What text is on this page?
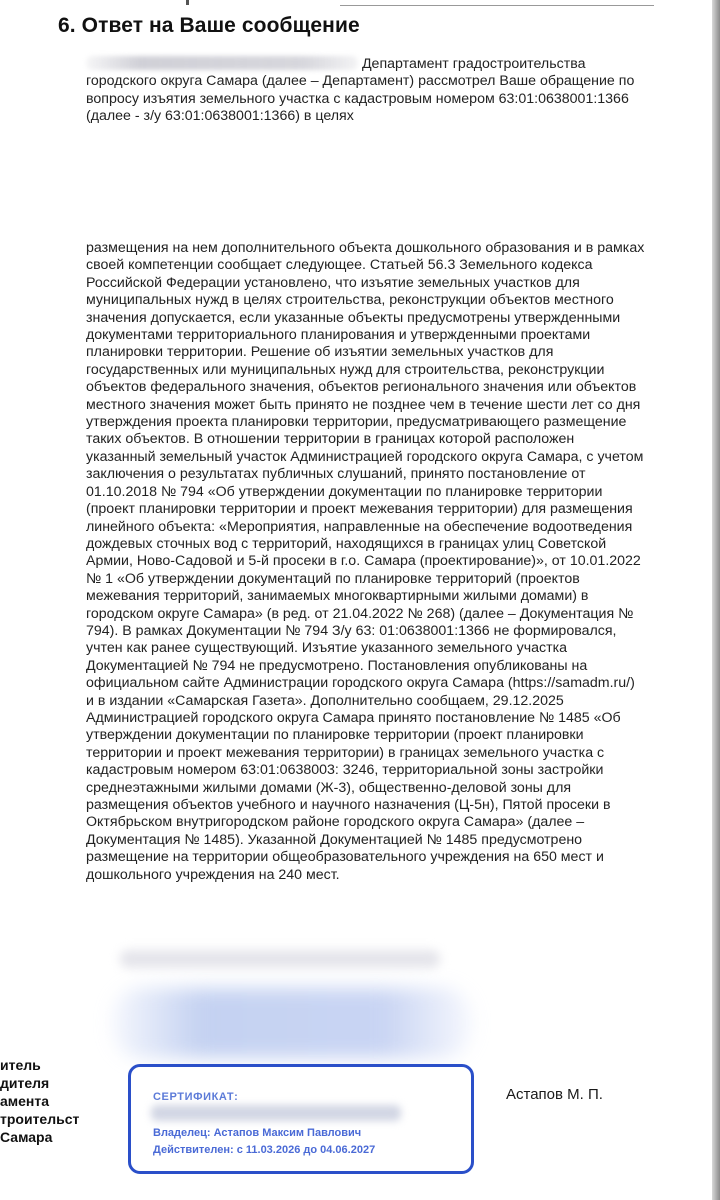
6. Ответ на Ваше сообщение

Департамент градостроительства городского округа Самара (далее – Департамент) рассмотрел Ваше обращение по вопросу изъятия земельного участка с кадастровым номером 63:01:0638001:1366 (далее - з/у 63:01:0638001:1366) в целях

размещения на нем дополнительного объекта дошкольного образования и в рамках своей компетенции сообщает следующее. Статьей 56.3 Земельного кодекса Российской Федерации установлено, что изъятие земельных участков для муниципальных нужд в целях строительства, реконструкции объектов местного значения допускается, если указанные объекты предусмотрены утвержденными документами территориального планирования и утвержденными проектами планировки территории. Решение об изъятии земельных участков для государственных или муниципальных нужд для строительства, реконструкции объектов федерального значения, объектов регионального значения или объектов местного значения может быть принято не позднее чем в течение шести лет со дня утверждения проекта планировки территории, предусматривающего размещение таких объектов. В отношении территории в границах которой расположен указанный земельный участок Администрацией городского округа Самара, с учетом заключения о результатах публичных слушаний, принято постановление от 01.10.2018 № 794 «Об утверждении документации по планировке территории (проект планировки территории и проект межевания территории) для размещения линейного объекта: «Мероприятия, направленные на обеспечение водоотведения дождевых сточных вод с территорий, находящихся в границах улиц Советской Армии, Ново-Садовой и 5-й просеки в г.о. Самара (проектирование)», от 10.01.2022 № 1 «Об утверждении документаций по планировке территорий (проектов межевания территорий, занимаемых многоквартирными жилыми домами) в городском округе Самара» (в ред. от 21.04.2022 № 268) (далее – Документация № 794). В рамках Документации № 794 З/у 63: 01:0638001:1366 не формировался, учтен как ранее существующий. Изъятие указанного земельного участка Документацией № 794 не предусмотрено. Постановления опубликованы на официальном сайте Администрации городского округа Самара (https://samadm.ru/) и в издании «Самарская Газета». Дополнительно сообщаем, 29.12.2025 Администрацией городского округа Самара принято постановление № 1485 «Об утверждении документации по планировке территории (проект планировки территории и проект межевания территории) в границах земельного участка с кадастровым номером 63:01:0638003: 3246, территориальной зоны застройки среднеэтажными жилыми домами (Ж-3), общественно-деловой зоны для размещения объектов учебного и научного назначения (Ц-5н), Пятой просеки в Октябрьском внутригородском районе городского округа Самара» (далее – Документация № 1485). Указанной Документацией № 1485 предусмотрено размещение на территории общеобразовательного учреждения на 650 мест и дошкольного учреждения на 240 мест.

итель
дителя
амента
троительст
Самара
СЕРТИФИКАТ:
Владелец: Астапов Максим Павлович
Действителен: с 11.03.2026 до 04.06.2027
Астапов М. П.
